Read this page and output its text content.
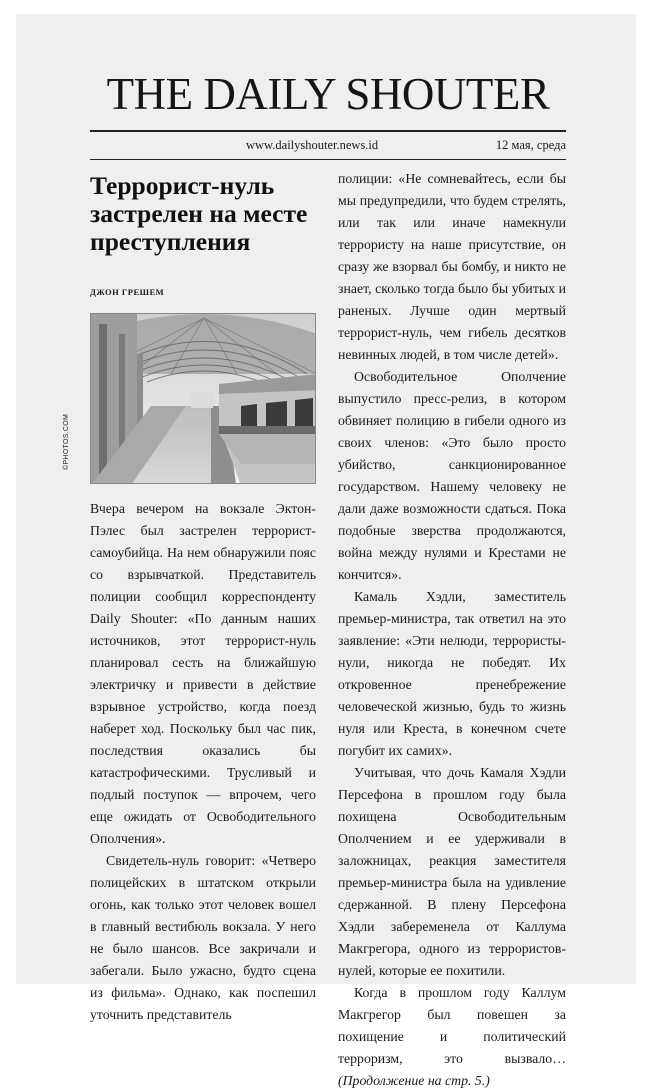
THE DAILY SHOUTER
www.dailyshouter.news.id	12 мая, среда
Террорист-нуль застрелен на месте преступления
ДЖОН ГРЕШЕМ
©PHOTOS.COM

Вчера вечером на вокзале Эктон-Пэлес был застрелен террорист-самоубийца. На нем обнаружили пояс со взрывчаткой. Представитель полиции сообщил корреспонденту Daily Shouter: «По данным наших источников, этот террорист-нуль планировал сесть на ближайшую электричку и привести в действие взрывное устройство, когда поезд наберет ход. Поскольку был час пик, последствия оказались бы катастрофическими. Трусливый и подлый поступок — впрочем, чего еще ожидать от Освободительного Ополчения».

Свидетель-нуль говорит: «Четверо полицейских в штатском открыли огонь, как только этот человек вошел в главный вестибюль вокзала. У него не было шансов. Все закричали и забегали. Было ужасно, будто сцена из фильма». Однако, как поспешил уточнить представитель

полиции: «Не сомневайтесь, если бы мы предупредили, что будем стрелять, или так или иначе намекнули террористу на наше присутствие, он сразу же взорвал бы бомбу, и никто не знает, сколько тогда было бы убитых и раненых. Лучше один мертвый террорист-нуль, чем гибель десятков невинных людей, в том числе детей».

Освободительное Ополчение выпустило пресс-релиз, в котором обвиняет полицию в гибели одного из своих членов: «Это было просто убийство, санкционированное государством. Нашему человеку не дали даже возможности сдаться. Пока подобные зверства продолжаются, война между нулями и Крестами не кончится».

Камаль Хэдли, заместитель премьер-министра, так ответил на это заявление: «Эти нелюди, террористы-нули, никогда не победят. Их откровенное пренебрежение человеческой жизнью, будь то жизнь нуля или Креста, в конечном счете погубит их самих».

Учитывая, что дочь Камаля Хэдли Персефона в прошлом году была похищена Освободительным Ополчением и ее удерживали в заложницах, реакция заместителя премьер-министра была на удивление сдержанной. В плену Персефона Хэдли забеременела от Каллума Макгрегора, одного из террористов-нулей, которые ее похитили.

Когда в прошлом году Каллум Макгрегор был повешен за похищение и политический терроризм, это вызвало… (Продолжение на стр. 5.)
